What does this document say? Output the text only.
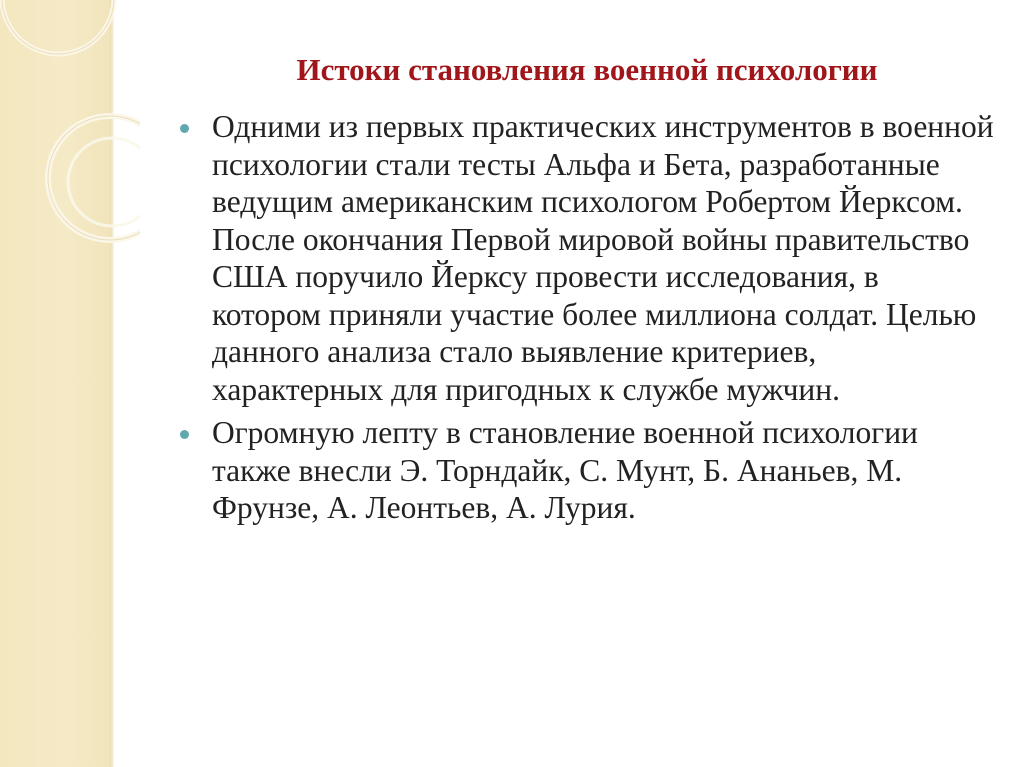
Истоки становления военной психологии
Одними из первых практических инструментов в военной психологии стали тесты Альфа и Бета, разработанные ведущим американским психологом Робертом Йерксом. После окончания Первой мировой войны правительство США поручило Йерксу провести исследования, в котором приняли участие более миллиона солдат. Целью данного анализа стало выявление критериев, характерных для пригодных к службе мужчин.
Огромную лепту в становление военной психологии также внесли Э. Торндайк, С. Мунт, Б. Ананьев, М. Фрунзе, А. Леонтьев, А. Лурия.
